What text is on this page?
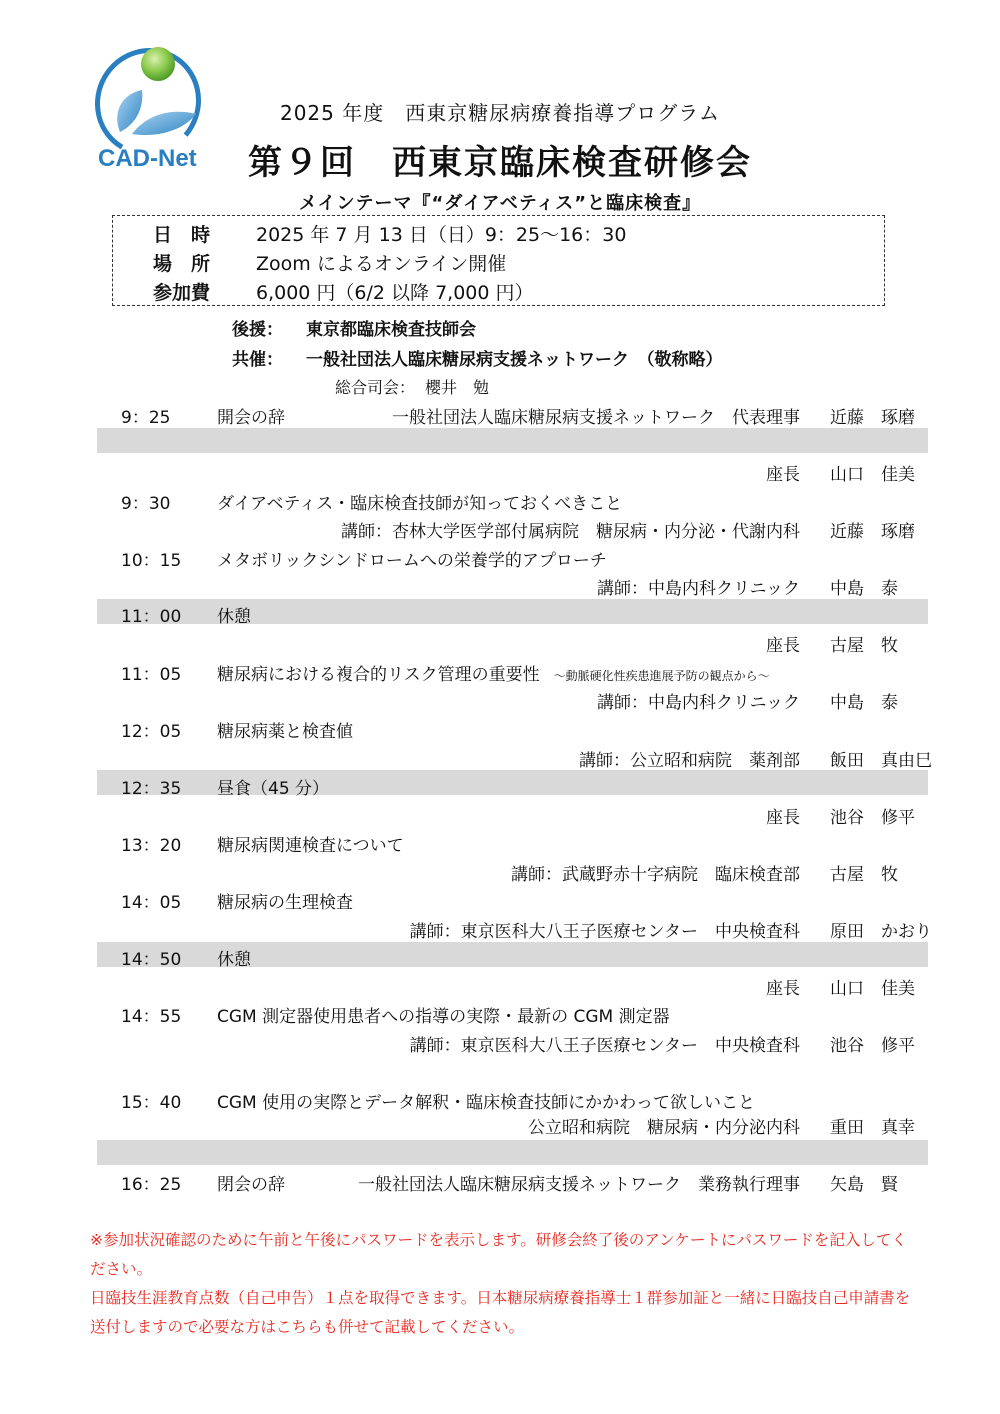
CAD-Net
2025 年度　西東京糖尿病療養指導プログラム
第９回　西東京臨床検査研修会
メインテーマ『“ダイアベティス”と臨床検査』
日　時	2025 年 7 月 13 日（日）9：25〜16：30
場　所	Zoom によるオンライン開催
参加費	6,000 円（6/2 以降 7,000 円）
後援： 東京都臨床検査技師会
共催： 一般社団法人臨床糖尿病支援ネットワーク　（敬称略）
総合司会： 櫻井　勉
9：25	開会の辞	一般社団法人臨床糖尿病支援ネットワーク　代表理事	近藤　琢磨
座長	山口　佳美
9：30	ダイアベティス・臨床検査技師が知っておくべきこと
講師：杏林大学医学部付属病院　糖尿病・内分泌・代謝内科	近藤　琢磨
10：15	メタボリックシンドロームへの栄養学的アプローチ
講師：中島内科クリニック	中島　泰
11：00	休憩
座長	古屋　牧
11：05	糖尿病における複合的リスク管理の重要性 〜動脈硬化性疾患進展予防の観点から〜
講師：中島内科クリニック	中島　泰
12：05	糖尿病薬と検査値
講師：公立昭和病院　薬剤部	飯田　真由巳
12：35	昼食（45 分）
座長	池谷　修平
13：20	糖尿病関連検査について
講師：武蔵野赤十字病院　臨床検査部	古屋　牧
14：05	糖尿病の生理検査
講師：東京医科大八王子医療センター　中央検査科	原田　かおり
14：50	休憩
座長	山口　佳美
14：55	CGM 測定器使用患者への指導の実際・最新の CGM 測定器
講師：東京医科大八王子医療センター　中央検査科	池谷　修平
15：40	CGM 使用の実際とデータ解釈・臨床検査技師にかかわって欲しいこと
公立昭和病院　糖尿病・内分泌内科	重田　真幸
16：25	閉会の辞	一般社団法人臨床糖尿病支援ネットワーク　業務執行理事	矢島　賢

※参加状況確認のために午前と午後にパスワードを表示します。研修会終了後のアンケートにパスワードを記入してください。

日臨技生涯教育点数（自己申告）１点を取得できます。日本糖尿病療養指導士１群参加証と一緒に日臨技自己申請書を送付しますので必要な方はこちらも併せて記載してください。
